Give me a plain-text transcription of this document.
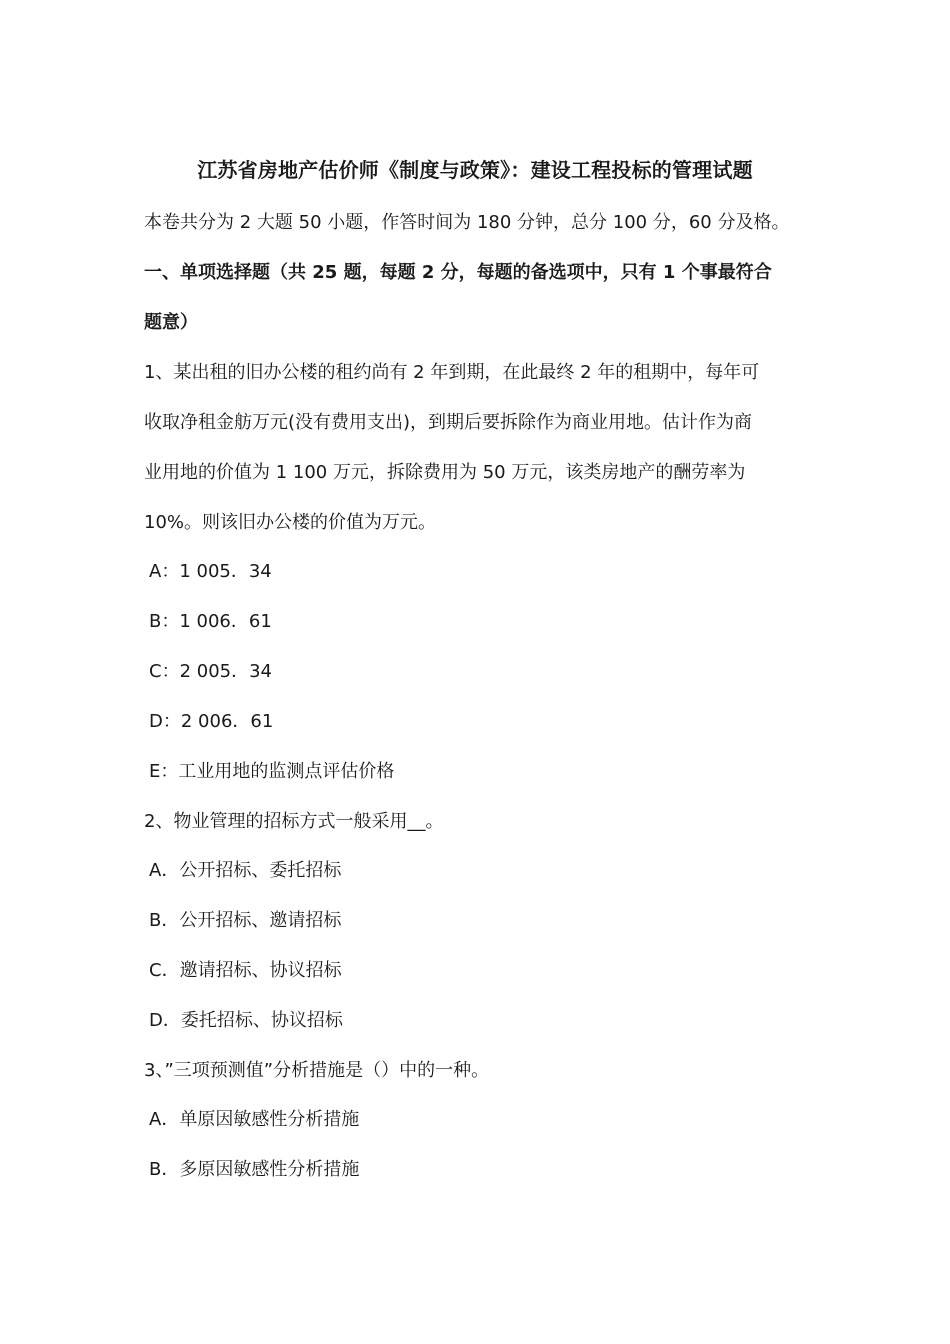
江苏省房地产估价师《制度与政策》：建设工程投标的管理试题
本卷共分为 2 大题 50 小题，作答时间为 180 分钟，总分 100 分，60 分及格。
一、单项选择题（共 25 题，每题 2 分，每题的备选项中，只有 1 个事最符合
题意）
1、某出租的旧办公楼的租约尚有 2 年到期，在此最终 2 年的租期中，每年可
收取净租金舫万元(没有费用支出)，到期后要拆除作为商业用地。估计作为商
业用地的价值为 1 100 万元，拆除费用为 50 万元，该类房地产的酬劳率为
10%。则该旧办公楼的价值为万元。
A：1 005．34
B：1 006．61
C：2 005．34
D：2 006．61
E：工业用地的监测点评估价格
2、物业管理的招标方式一般采用__。
A．公开招标、委托招标
B．公开招标、邀请招标
C．邀请招标、协议招标
D．委托招标、协议招标
3、”三项预测值”分析措施是（）中的一种。
A．单原因敏感性分析措施
B．多原因敏感性分析措施
